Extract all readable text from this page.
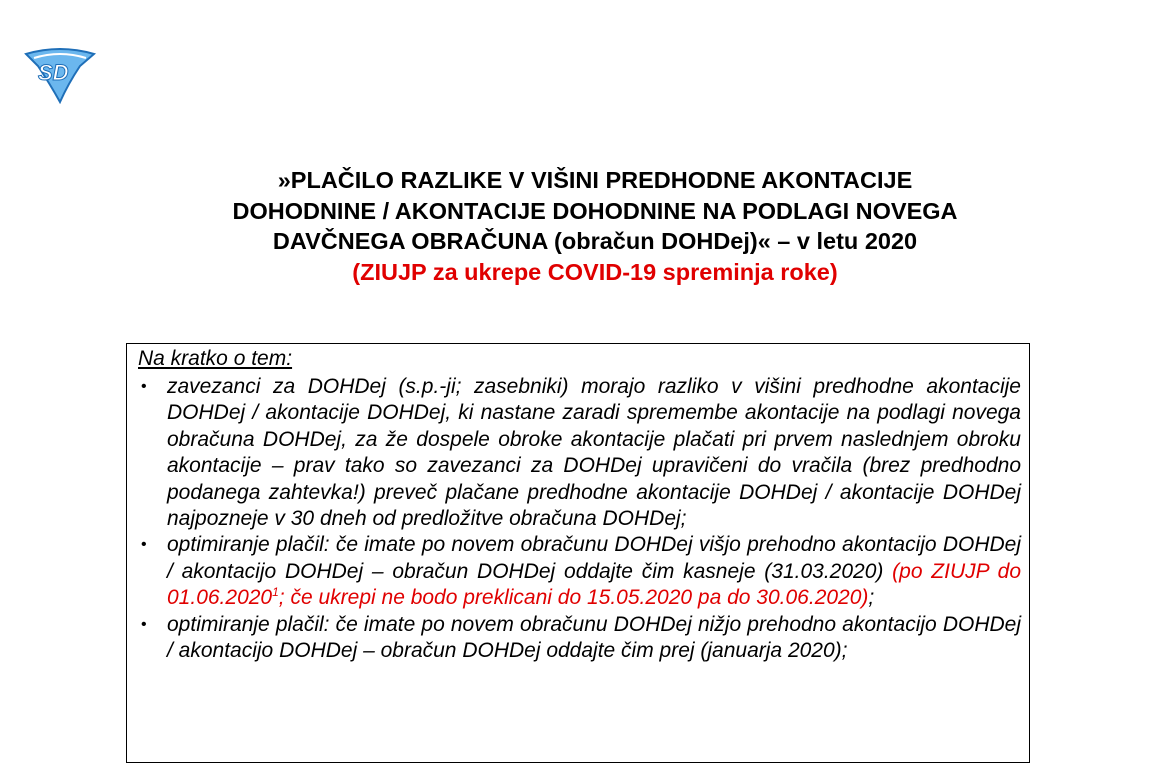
SD
»PLAČILO RAZLIKE V VIŠINI PREDHODNE AKONTACIJE
DOHODNINE / AKONTACIJE DOHODNINE NA PODLAGI NOVEGA
DAVČNEGA OBRAČUNA (obračun DOHDej)« – v letu 2020
(ZIUJP za ukrepe COVID-19 spreminja roke)
Na kratko o tem:
• zavezanci za DOHDej (s.p.-ji; zasebniki) morajo razliko v višini predhodne akontacije DOHDej / akontacije DOHDej, ki nastane zaradi spremembe akontacije na podlagi novega obračuna DOHDej, za že dospele obroke akontacije plačati pri prvem naslednjem obroku akontacije – prav tako so zavezanci za DOHDej upravičeni do vračila (brez predhodno podanega zahtevka!) preveč plačane predhodne akontacije DOHDej / akontacije DOHDej najpozneje v 30 dneh od predložitve obračuna DOHDej;
• optimiranje plačil: če imate po novem obračunu DOHDej višjo prehodno akontacijo DOHDej / akontacijo DOHDej – obračun DOHDej oddajte čim kasneje (31.03.2020) (po ZIUJP do 01.06.2020$^1$; če ukrepi ne bodo preklicani do 15.05.2020 pa do 30.06.2020);
• optimiranje plačil: če imate po novem obračunu DOHDej nižjo prehodno akontacijo DOHDej / akontacijo DOHDej – obračun DOHDej oddajte čim prej (januarja 2020);
